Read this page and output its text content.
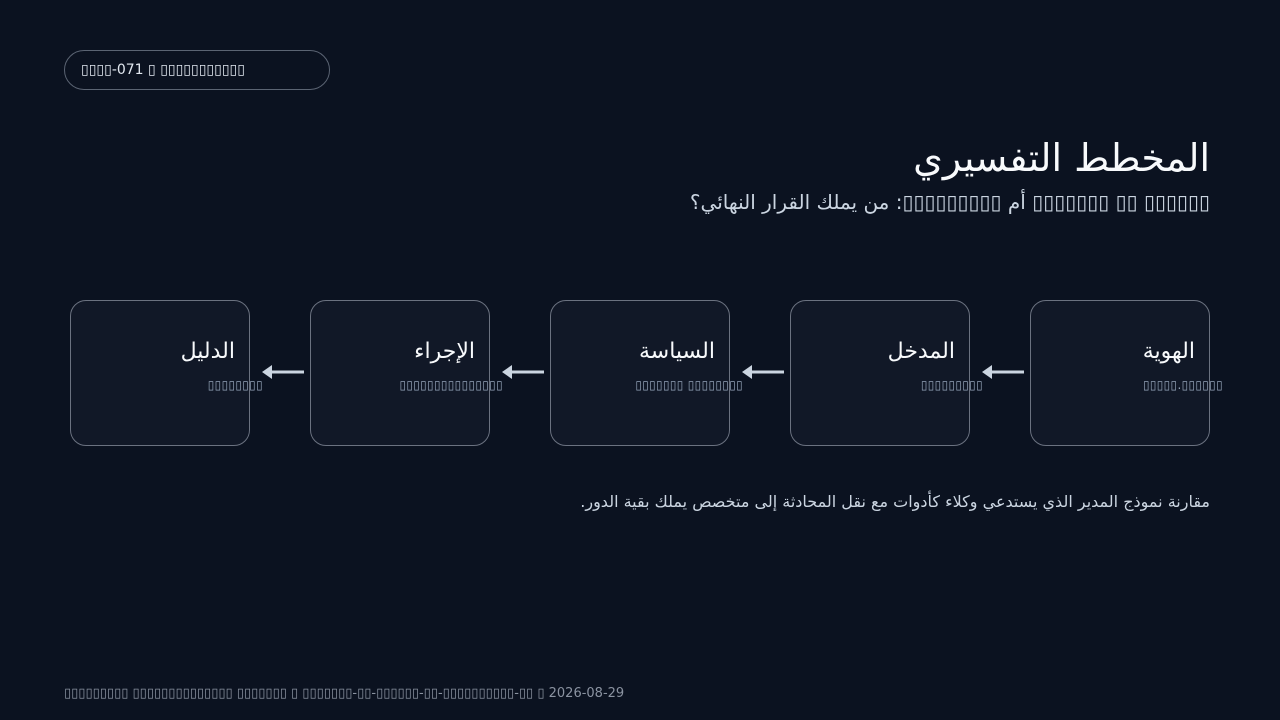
▯▯▯▯-071 ▯ ▯▯▯▯▯▯▯▯▯▯▯
المخطط التفسيري
▯▯▯▯▯▯ ▯▯ ▯▯▯▯▯▯▯ أم ▯▯▯▯▯▯▯▯▯: من يملك القرار النهائي؟
الهوية
▯▯▯▯▯▯.▯▯▯▯▯
المدخل
▯▯▯▯▯▯▯▯▯
السياسة
▯▯▯▯▯▯▯▯ ▯▯▯▯▯▯▯
الإجراء
▯▯▯▯▯▯▯▯▯▯▯▯▯▯▯
الدليل
▯▯▯▯▯▯▯▯
مقارنة نموذج المدير الذي يستدعي وكلاء كأدوات مع نقل المحادثة إلى متخصص يملك بقية الدور.
▯▯▯▯▯▯▯▯▯ ▯▯▯▯▯▯▯▯▯▯▯▯▯▯ ▯▯▯▯▯▯▯ ▯ ▯▯▯▯▯▯▯-▯▯-▯▯▯▯▯▯-▯▯-▯▯▯▯▯▯▯▯▯▯-▯▯ ▯ 2026-08-29
